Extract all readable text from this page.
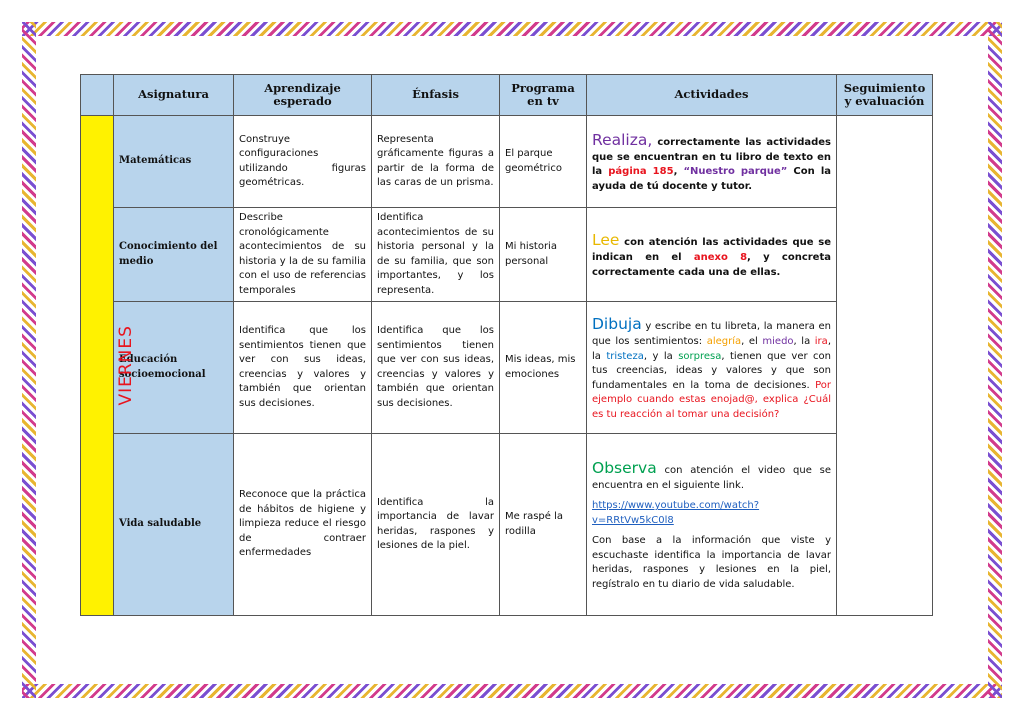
	Asignatura	Aprendizaje esperado	Énfasis	Programa en tv	Actividades	Seguimiento y evaluación
VIERNES	Matemáticas	Construye configuraciones utilizando figuras geométricas.	Representa gráficamente figuras a partir de la forma de las caras de un prisma.	El parque geométrico	Realiza, correctamente las actividades que se encuentran en tu libro de texto en la página 185, “Nuestro parque” Con la ayuda de tú docente y tutor.	
	Conocimiento del medio	Describe cronológicamente acontecimientos de su historia y la de su familia con el uso de referencias temporales	Identifica acontecimientos de su historia personal y la de su familia, que son importantes, y los representa.	Mi historia personal	Lee con atención las actividades que se indican en el anexo 8, y concreta correctamente cada una de ellas.	
	Educación socioemocional	Identifica que los sentimientos tienen que ver con sus ideas, creencias y valores y también que orientan sus decisiones.	Identifica que los sentimientos tienen que ver con sus ideas, creencias y valores y también que orientan sus decisiones.	Mis ideas, mis emociones	Dibuja y escribe en tu libreta, la manera en que los sentimientos: alegría, el miedo, la ira, la tristeza, y la sorpresa, tienen que ver con tus creencias, ideas y valores y que son fundamentales en la toma de decisiones. Por ejemplo cuando estas enojad@, explica ¿Cuál es tu reacción al tomar una decisión?	
	Vida saludable	Reconoce que la práctica de hábitos de higiene y limpieza reduce el riesgo de contraer enfermedades	Identifica la importancia de lavar heridas, raspones y lesiones de la piel.	Me raspé la rodilla	Observa con atención el video que se encuentra en el siguiente link.
https://www.youtube.com/watch?v=RRtVw5kC0l8
Con base a la información que viste y escuchaste identifica la importancia de lavar heridas, raspones y lesiones en la piel, regístralo en tu diario de vida saludable.	
